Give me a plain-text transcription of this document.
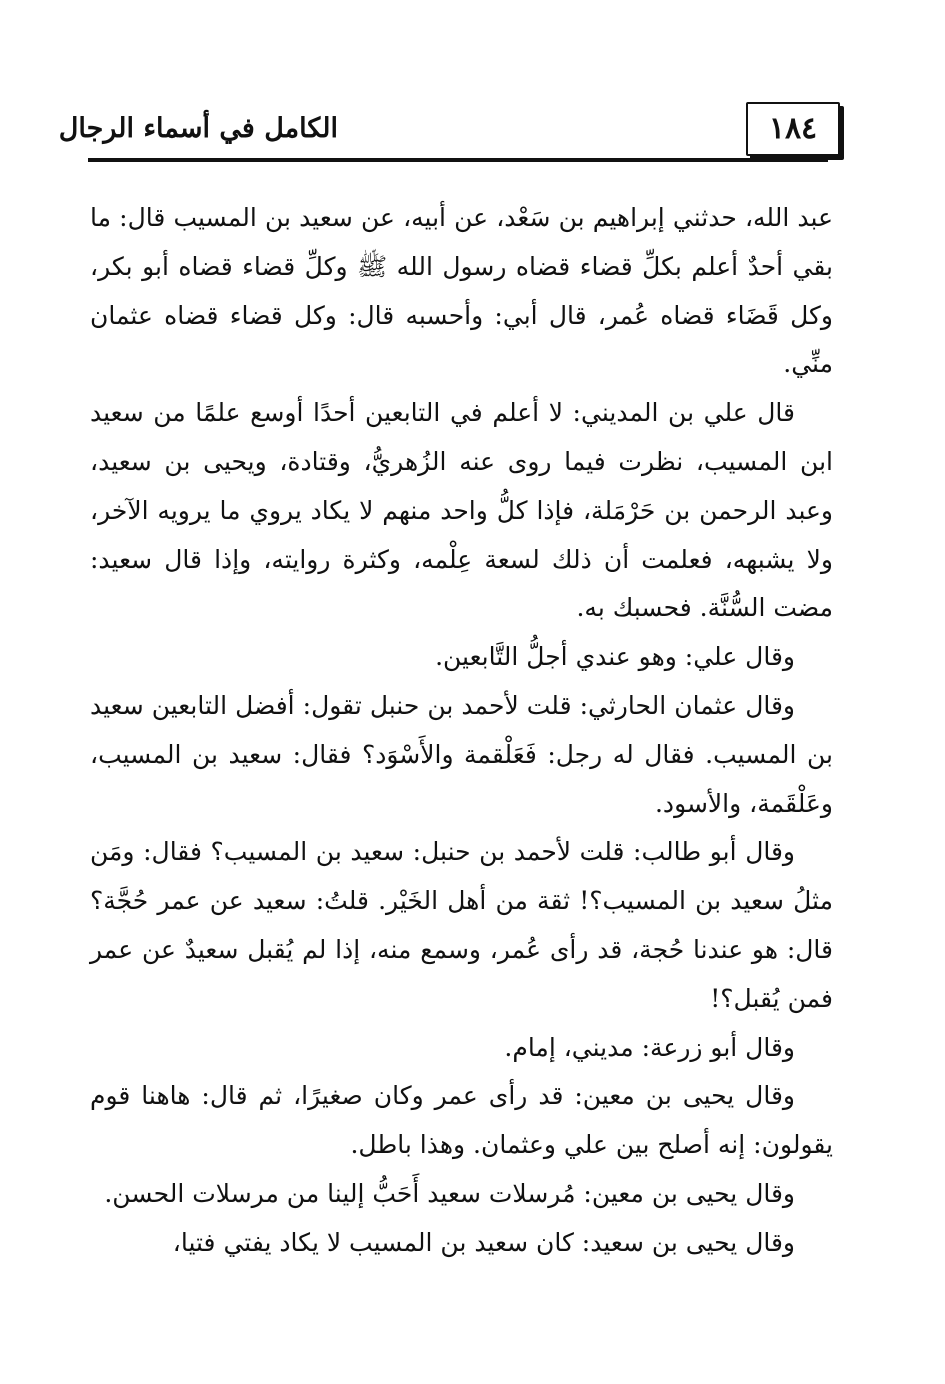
١٨٤
الكامل في أسماء الرجال

عبد الله، حدثني إبراهيم بن سَعْد، عن أبيه، عن سعيد بن المسيب قال: ما بقي أحدٌ أعلم بكلِّ قضاء قضاه رسول الله ﷺ وكلِّ قضاء قضاه أبو بكر، وكل قَضَاء قضاه عُمر، قال أبي: وأحسبه قال: وكل قضاء قضاه عثمان منِّي.

قال علي بن المديني: لا أعلم في التابعين أحدًا أوسع علمًا من سعيد ابن المسيب، نظرت فيما روى عنه الزُهريُّ، وقتادة، ويحيى بن سعيد، وعبد الرحمن بن حَرْمَلة، فإذا كلُّ واحد منهم لا يكاد يروي ما يرويه الآخر، ولا يشبهه، فعلمت أن ذلك لسعة عِلْمه، وكثرة روايته، وإذا قال سعيد: مضت السُّنَّة. فحسبك به.

وقال علي: وهو عندي أجلُّ التَّابعين.

وقال عثمان الحارثي: قلت لأحمد بن حنبل تقول: أفضل التابعين سعيد بن المسيب. فقال له رجل: فَعَلْقمة والأَسْوَد؟ فقال: سعيد بن المسيب، وعَلْقَمة، والأسود.

وقال أبو طالب: قلت لأحمد بن حنبل: سعيد بن المسيب؟ فقال: ومَن مثلُ سعيد بن المسيب؟! ثقة من أهل الخَيْر. قلتُ: سعيد عن عمر حُجَّة؟ قال: هو عندنا حُجة، قد رأى عُمر، وسمع منه، إذا لم يُقبل سعيدٌ عن عمر فمن يُقبل؟!

وقال أبو زرعة: مديني، إمام.

وقال يحيى بن معين: قد رأى عمر وكان صغيرًا، ثم قال: هاهنا قوم يقولون: إنه أصلح بين علي وعثمان. وهذا باطل.

وقال يحيى بن معين: مُرسلات سعيد أَحَبُّ إلينا من مرسلات الحسن.

وقال يحيى بن سعيد: كان سعيد بن المسيب لا يكاد يفتي فتيا،
